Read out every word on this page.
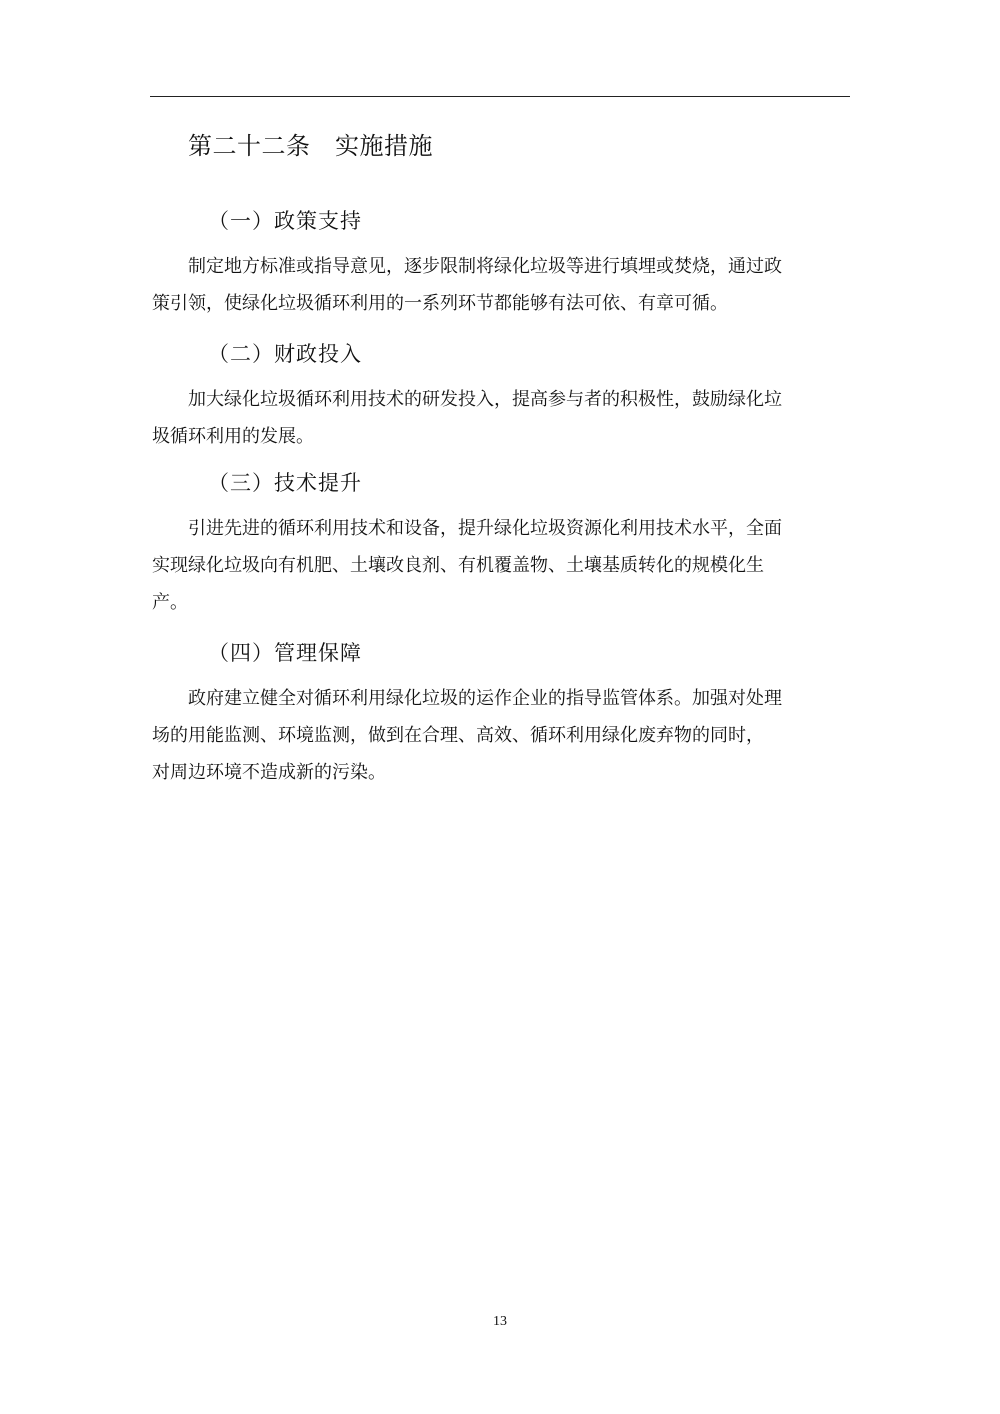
第二十二条　实施措施
（一）政策支持
制定地方标准或指导意见，逐步限制将绿化垃圾等进行填埋或焚烧，通过政
策引领，使绿化垃圾循环利用的一系列环节都能够有法可依、有章可循。
（二）财政投入
加大绿化垃圾循环利用技术的研发投入，提高参与者的积极性，鼓励绿化垃
圾循环利用的发展。
（三）技术提升
引进先进的循环利用技术和设备，提升绿化垃圾资源化利用技术水平，全面
实现绿化垃圾向有机肥、土壤改良剂、有机覆盖物、土壤基质转化的规模化生
产。
（四）管理保障
政府建立健全对循环利用绿化垃圾的运作企业的指导监管体系。加强对处理
场的用能监测、环境监测，做到在合理、高效、循环利用绿化废弃物的同时，
对周边环境不造成新的污染。
13
